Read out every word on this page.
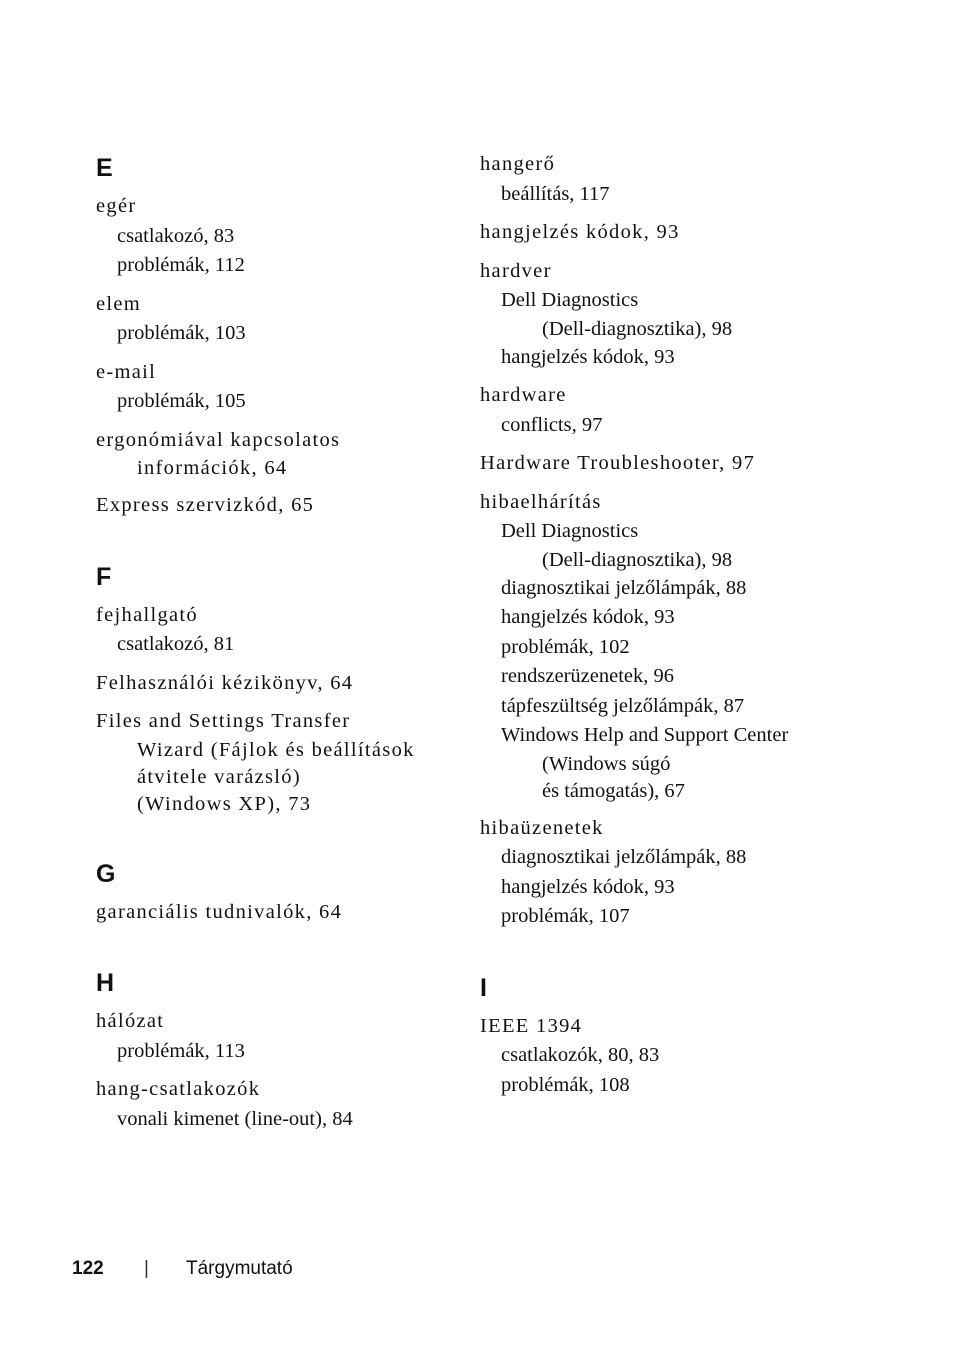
E
egér
csatlakozó, 83
problémák, 112
elem
problémák, 103
e-mail
problémák, 105
ergonómiával kapcsolatos
információk, 64
Express szervizkód, 65
F
fejhallgató
csatlakozó, 81
Felhasználói kézikönyv, 64
Files and Settings Transfer
Wizard (Fájlok és beállítások
átvitele varázsló)
(Windows XP), 73
G
garanciális tudnivalók, 64
H
hálózat
problémák, 113
hang-csatlakozók
vonali kimenet (line-out), 84
hangerő
beállítás, 117
hangjelzés kódok, 93
hardver
Dell Diagnostics
(Dell-diagnosztika), 98
hangjelzés kódok, 93
hardware
conflicts, 97
Hardware Troubleshooter, 97
hibaelhárítás
Dell Diagnostics
(Dell-diagnosztika), 98
diagnosztikai jelzőlámpák, 88
hangjelzés kódok, 93
problémák, 102
rendszerüzenetek, 96
tápfeszültség jelzőlámpák, 87
Windows Help and Support Center
(Windows súgó
és támogatás), 67
hibaüzenetek
diagnosztikai jelzőlámpák, 88
hangjelzés kódok, 93
problémák, 107
I
IEEE 1394
csatlakozók, 80, 83
problémák, 108
122 | Tárgymutató
